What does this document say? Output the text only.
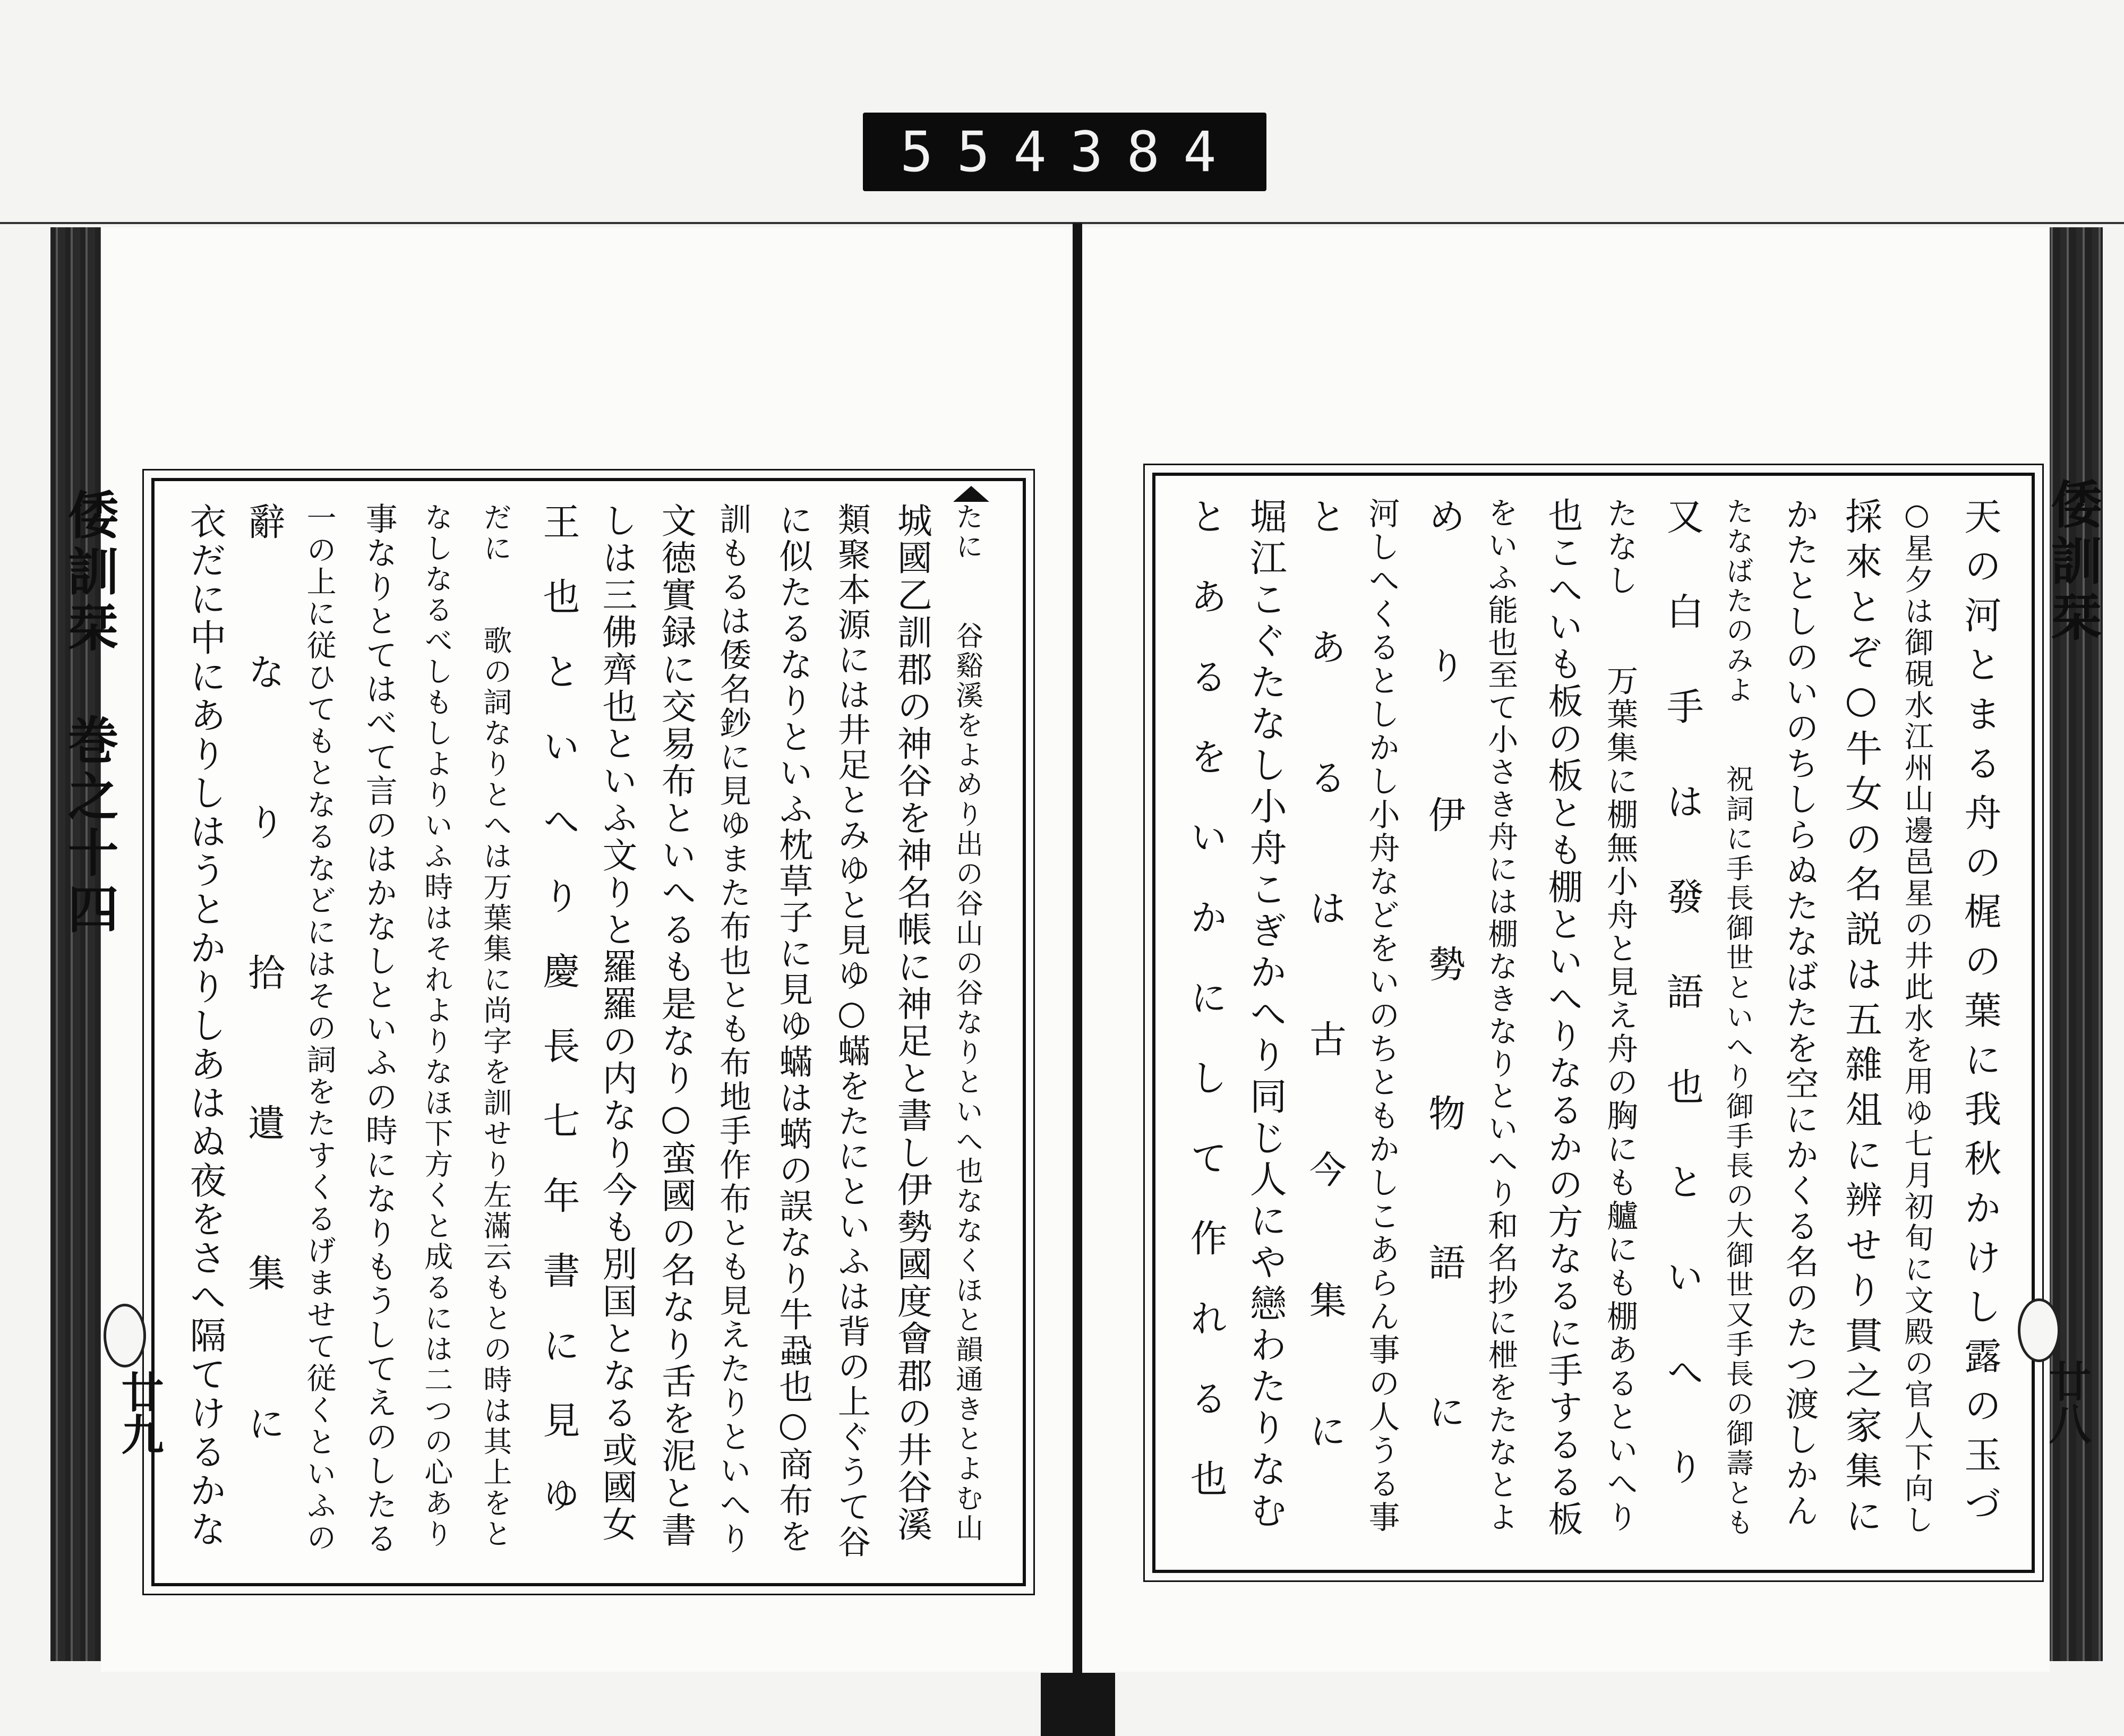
554 384
たに　　谷谿溪をよめり出の谷山の谷なりといへ也ななくほと韻通きとよむ山
城國乙訓郡の神谷を神名帳に神足と書し伊勢國度會郡の井谷溪
類聚本源には井足とみゆと見ゆ○蟎をたにといふは背の上ぐうて谷
に似たるなりといふ枕草子に見ゆ蟎は蜹の誤なり牛蝨也○商布を
訓もるは倭名鈔に見ゆまた布也とも布地手作布とも見えたりといへり
文徳實録に交易布といへるも是なり○蛮國の名なり舌を泥と書
しは三佛齊也といふ文りと羅羅の内なり今も別国となる或國女
王也といへり慶長七年書に見ゆ
だに　　歌の詞なりとへは万葉集に尚字を訓せり左滿云もとの時は其上をと
なしなるべしもしよりいふ時はそれよりなほ下方くと成るには二つの心あり
事なりとてはべて言のはかなしといふの時になりもうしてえのしたる
一の上に従ひてもとなるなどにはその詞をたすくるげませて従くといふの
辭なり拾遺集に
衣だに中にありしはうとかりしあはぬ夜をさへ隔てけるかな
倭訓栞　巻之十四
廿九	天の河とまる舟の梶の葉に我秋かけし露の玉づ
○星夕は御硯水江州山邊邑星の井此水を用ゆ七月初旬に文殿の官人下向し
採來とぞ○牛女の名説は五雜俎に辨せり貫之家集に
かたとしのいのちしらぬたなばたを空にかくる名のたつ渡しかん
たなばたのみよ　　祝詞に手長御世といへり御手長の大御世又手長の御壽とも
又白手は發語也といへり
たなし　　万葉集に棚無小舟と見え舟の胸にも艫にも棚あるといへり
也こへいも板の板とも棚といへりなるかの方なるに手するる板
をいふ能也至て小さき舟には棚なきなりといへり和名抄に枻をたなとよ
めり伊勢物語に
河しへくるとしかし小舟などをいのちともかしこあらん事の人うる事
とあるは古今集に
堀江こぐたなし小舟こぎかへり同じ人にや戀わたりなむ
とあるをいかにして作れる也	倭訓栞
廿八
